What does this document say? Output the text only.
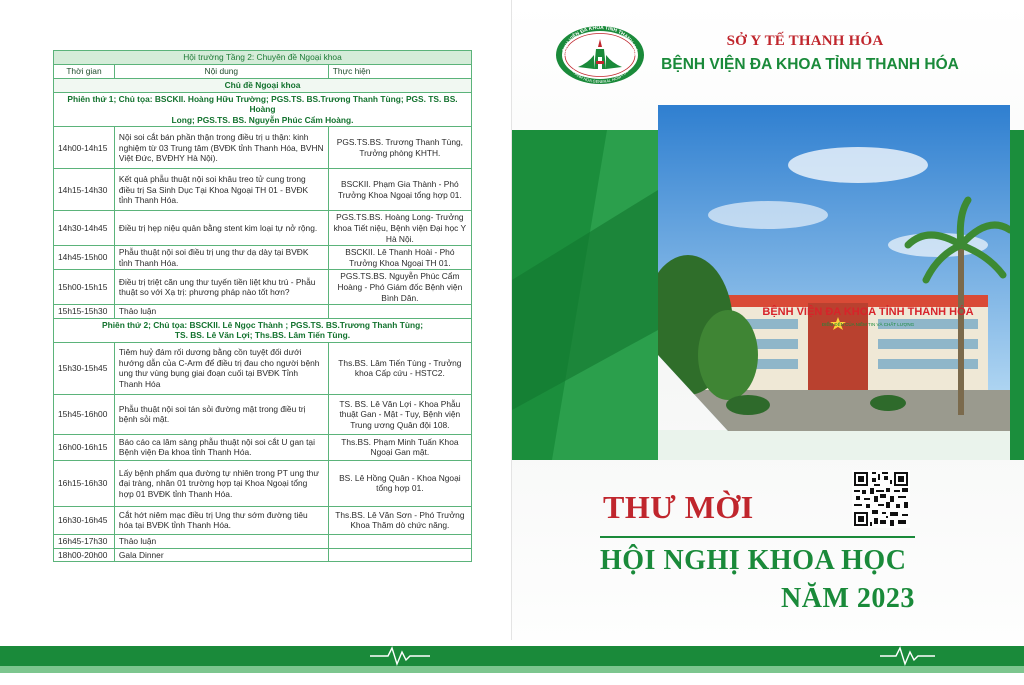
Hội trường Tầng 2: Chuyên đề Ngoại khoa		
Thời gian	Nội dung	Thực hiện
Chủ đề Ngoại khoa		
Phiên thứ 1; Chủ tọa: BSCKII. Hoàng Hữu Trường; PGS.TS. BS.Trương Thanh Tùng; PGS. TS. BS. Hoàng
Long; PGS.TS. BS. Nguyễn Phúc Cẩm Hoàng.		
14h00-14h15	Nội soi cắt bán phần thận trong điều trị u thận: kinh nghiệm từ 03 Trung tâm (BVĐK tỉnh Thanh Hóa, BVHN Việt Đức, BVĐHY Hà Nội).	PGS.TS.BS. Trương Thanh Tùng, Trưởng phòng KHTH.
14h15-14h30	Kết quả phẫu thuật nội soi khâu treo tử cung trong điều trị Sa Sinh Dục Tại Khoa Ngoại TH 01 - BVĐK tỉnh Thanh Hóa.	BSCKII. Phạm Gia Thành - Phó Trưởng Khoa Ngoại tổng hợp 01.
14h30-14h45	Điều trị hẹp niệu quản bằng stent kim loại tự nở rộng.	PGS.TS.BS. Hoàng Long- Trưởng khoa Tiết niệu, Bệnh viện Đại học Y Hà Nội.
14h45-15h00	Phẫu thuật nội soi điều trị ung thư dạ dày tại BVĐK tỉnh Thanh Hóa.	BSCKII. Lê Thanh Hoài - Phó Trưởng Khoa Ngoại TH 01.
15h00-15h15	Điều trị triệt căn ung thư tuyến tiền liệt khu trú - Phẫu thuật so với Xạ trị: phương pháp nào tốt hơn?	PGS.TS.BS. Nguyễn Phúc Cẩm Hoàng - Phó Giám đốc Bệnh viện Bình Dân.
15h15-15h30	Thảo luận	
Phiên thứ 2; Chủ tọa: BSCKII. Lê Ngọc Thành ; PGS.TS. BS.Trương Thanh Tùng;
TS. BS. Lê Văn Lợi; Ths.BS. Lâm Tiến Tùng.		
15h30-15h45	Tiêm huỷ đám rối dương bằng cồn tuyệt đối dưới hướng dẫn của C-Arm để điều trị đau cho người bệnh ung thư vùng bụng giai đoạn cuối tại BVĐK Tỉnh Thanh Hóa	Ths.BS. Lâm Tiến Tùng - Trưởng khoa Cấp cứu - HSTC2.
15h45-16h00	Phẫu thuật nội soi tán sỏi đường mật trong điều trị bệnh sỏi mật.	TS. BS. Lê Văn Lợi - Khoa Phẫu thuật Gan - Mật - Tụy, Bệnh viện Trung ương Quân đội 108.
16h00-16h15	Báo cáo ca lâm sàng phẫu thuật nội soi cắt U gan tại Bệnh viện Đa khoa tỉnh Thanh Hóa.	Ths.BS. Phạm Minh Tuấn Khoa Ngoại Gan mật.
16h15-16h30	Lấy bệnh phẩm qua đường tự nhiên trong PT ung thư đại tràng, nhân 01 trường hợp tại Khoa Ngoại tổng hợp 01 BVĐK tỉnh Thanh Hóa.	BS. Lê Hồng Quân - Khoa Ngoại tổng hợp 01.
16h30-16h45	Cắt hớt niêm mạc điều trị Ung thư sớm đường tiêu hóa tại BVĐK tỉnh Thanh Hóa.	Ths.BS. Lê Văn Sơn - Phó Trưởng Khoa Thăm dò chức năng.
16h45-17h30	Thảo luận	
18h00-20h00	Gala Dinner	
BỆNH VIỆN ĐA KHOA TỈNH THANH HÓA
THANH HOA GENERAL HOSPITAL
SỞ Y TẾ THANH HÓA
BỆNH VIỆN ĐA KHOA TỈNH THANH HÓA
BỆNH VIỆN ĐA KHOA TỈNH THANH HÓA
ĐIỂM ĐẾN CỦA NIỀM TIN VÀ CHẤT LƯỢNG
THƯ MỜI
HỘI NGHỊ KHOA HỌC
NĂM 2023
